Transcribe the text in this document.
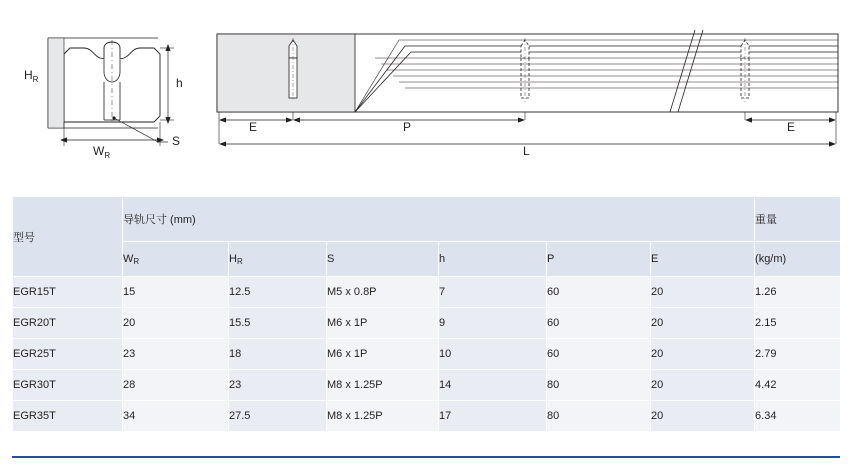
$H_R$	h
$W_R$
S
E	P	E
L
型号	导轨尺寸 (mm)						重量
	$W_R$	$H_R$	S	h	P	E	(kg/m)
EGR15T	15	12.5	M5 x 0.8P	7	60	20	1.26
EGR20T	20	15.5	M6 x 1P	9	60	20	2.15
EGR25T	23	18	M6 x 1P	10	60	20	2.79
EGR30T	28	23	M8 x 1.25P	14	80	20	4.42
EGR35T	34	27.5	M8 x 1.25P	17	80	20	6.34
